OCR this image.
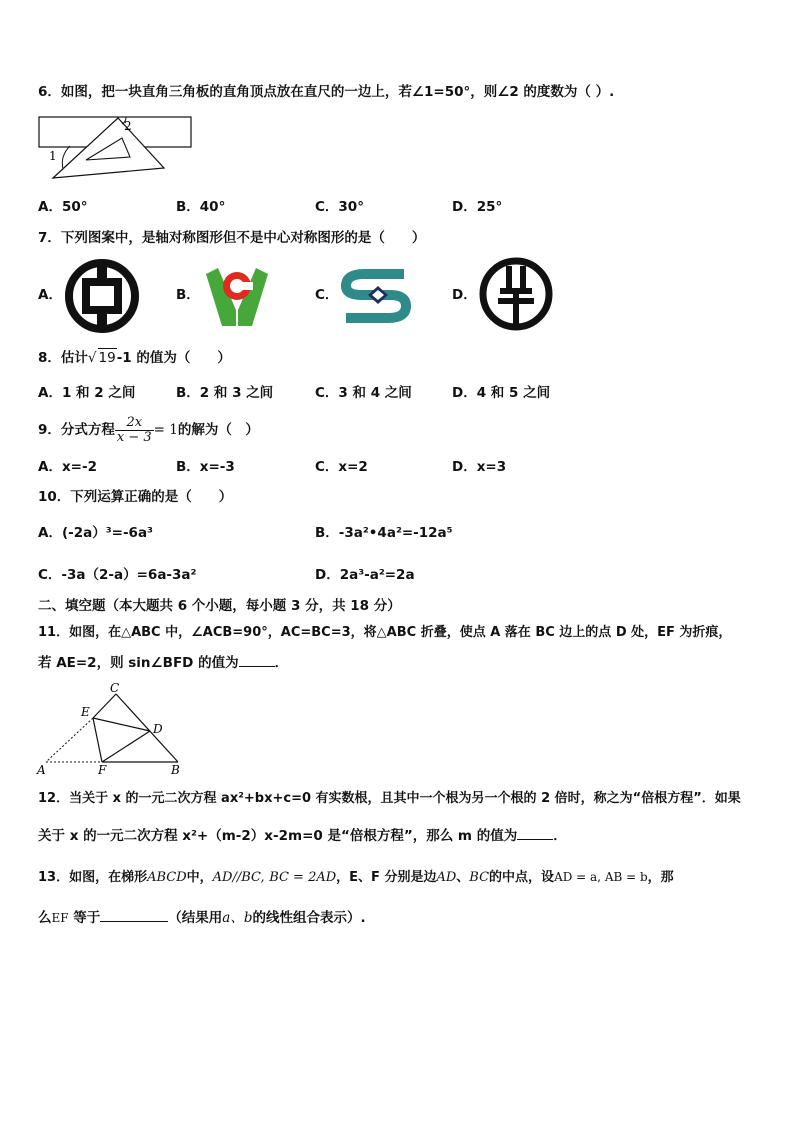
6．如图，把一块直角三角板的直角顶点放在直尺的一边上，若∠1=50°，则∠2 的度数为（ ）.
1
2
A．50°	B．40°	C．30°	D．25°
7．下列图案中，是轴对称图形但不是中心对称图形的是（　　）
A．	B．	C．	D．
8．估计√ 19-1 的值为（　　）
A．1 和 2 之间	B．2 和 3 之间	C．3 和 4 之间	D．4 和 5 之间
9．分式方程 $\frac{2x}{x - 3} = 1$的解为（　）
A．x=-2	B．x=-3	C．x=2	D．x=3
10．下列运算正确的是（　　）
A．(-2a）³=-6a³	B．-3a²•4a²=-12a⁵
C．-3a（2-a）=6a-3a²	D．2a³-a²=2a
二、填空题（本大题共 6 个小题，每小题 3 分，共 18 分）
11．如图，在△ABC 中，∠ACB=90°，AC=BC=3，将△ABC 折叠，使点 A 落在 BC 边上的点 D 处，EF 为折痕，
若 AE=2，则 sin∠BFD 的值为	．
C
E
D
A	F	B
12．当关于 x 的一元二次方程 ax²+bx+c=0 有实数根，且其中一个根为另一个根的 2 倍时，称之为“倍根方程”．如果
关于 x 的一元二次方程 x²+（m-2）x-2m=0 是“倍根方程”，那么 m 的值为	．
13．如图，在梯形ABCD中，AD//BC, BC = 2AD，E、F 分别是边AD、BC的中点，设AD = a, AB = b，那
么EF 等于	（结果用a、b的线性组合表示）.
